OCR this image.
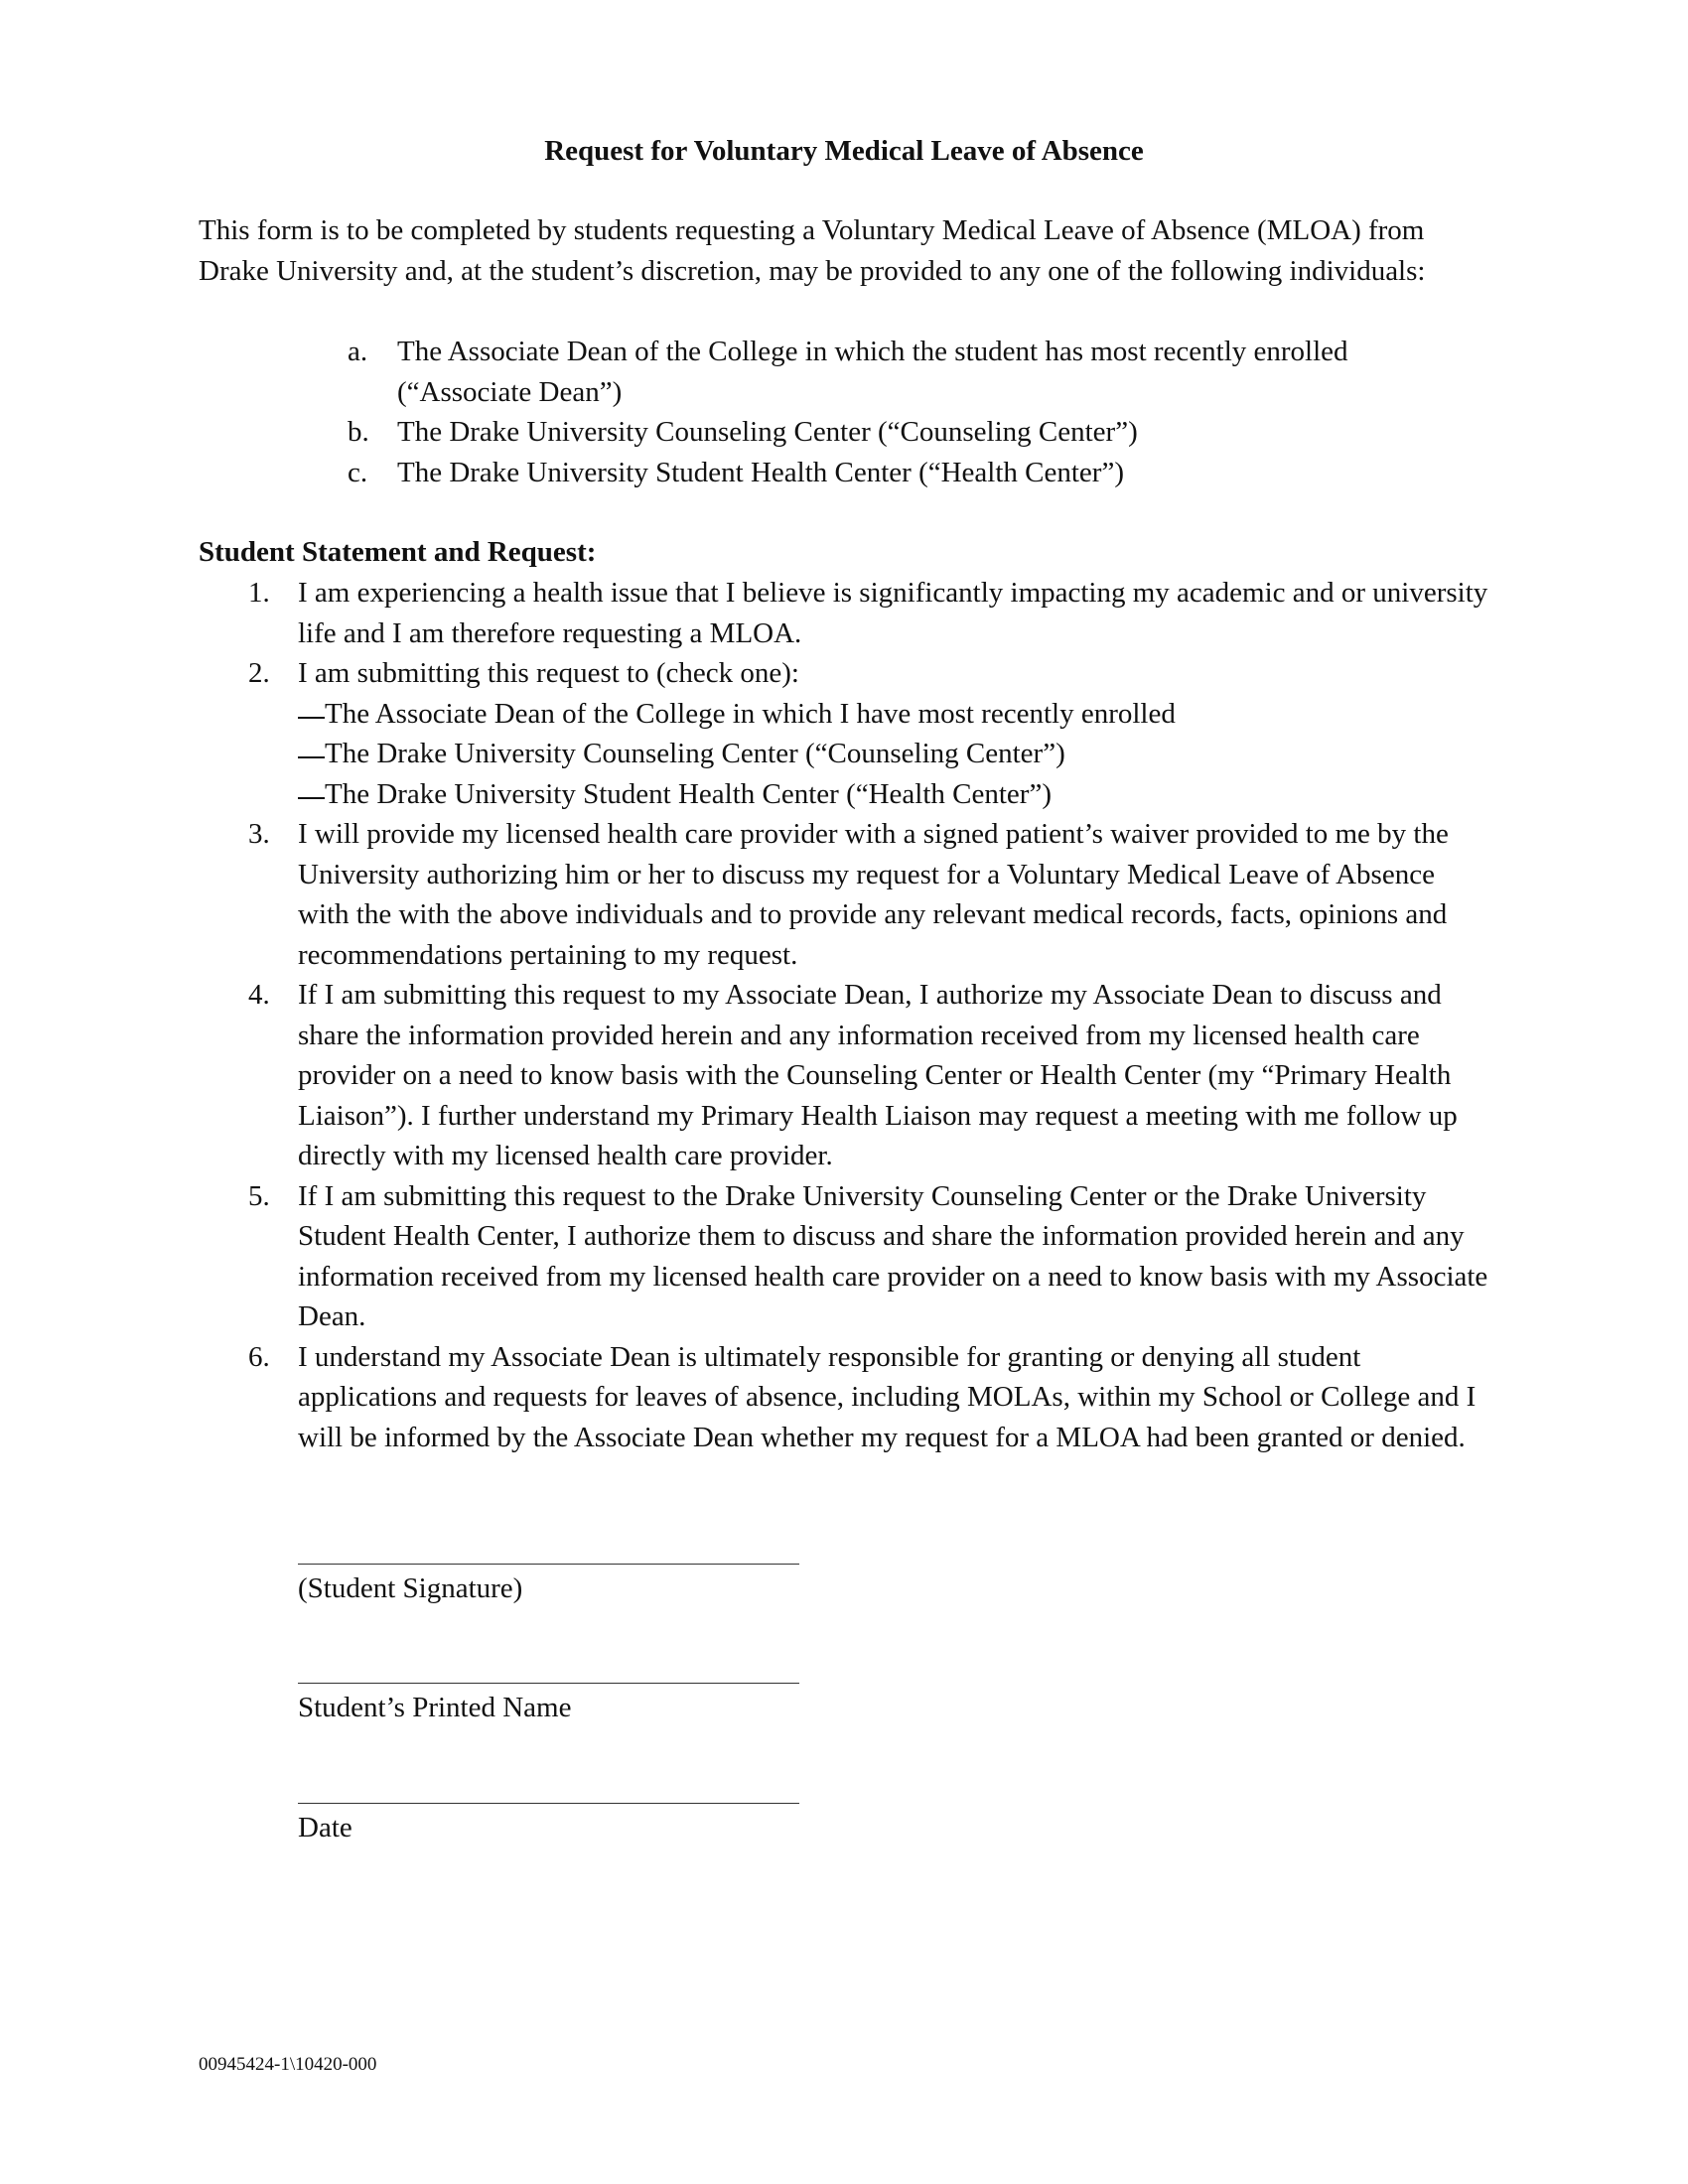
Request for Voluntary Medical Leave of Absence

This form is to be completed by students requesting a Voluntary Medical Leave of Absence (MLOA) from Drake University and, at the student’s discretion, may be provided to any one of the following individuals:

a.	The Associate Dean of the College in which the student has most recently enrolled (“Associate Dean”)
b. The Drake University Counseling Center (“Counseling Center”)
c.	The Drake University Student Health Center (“Health Center”)
Student Statement and Request:
1. I am experiencing a health issue that I believe is significantly impacting my academic and or university life and I am therefore requesting a MLOA.
2. I am submitting this request to (check one):
The Associate Dean of the College in which I have most recently enrolled
The Drake University Counseling Center (“Counseling Center”)
The Drake University Student Health Center (“Health Center”)
3. I will provide my licensed health care provider with a signed patient’s waiver provided to me by the University authorizing him or her to discuss my request for a Voluntary Medical Leave of Absence with the with the above individuals and to provide any relevant medical records, facts, opinions and recommendations pertaining to my request.
4. If I am submitting this request to my Associate Dean, I authorize my Associate Dean to discuss and share the information provided herein and any information received from my licensed health care provider on a need to know basis with the Counseling Center or Health Center (my “Primary Health Liaison”). I further understand my Primary Health Liaison may request a meeting with me follow up directly with my licensed health care provider.
5. If I am submitting this request to the Drake University Counseling Center or the Drake University Student Health Center, I authorize them to discuss and share the information provided herein and any information received from my licensed health care provider on a need to know basis with my Associate Dean.
6. I understand my Associate Dean is ultimately responsible for granting or denying all student applications and requests for leaves of absence, including MOLAs, within my School or College and I will be informed by the Associate Dean whether my request for a MLOA had been granted or denied.
(Student Signature)
Student’s Printed Name
Date
00945424-1\10420-000
